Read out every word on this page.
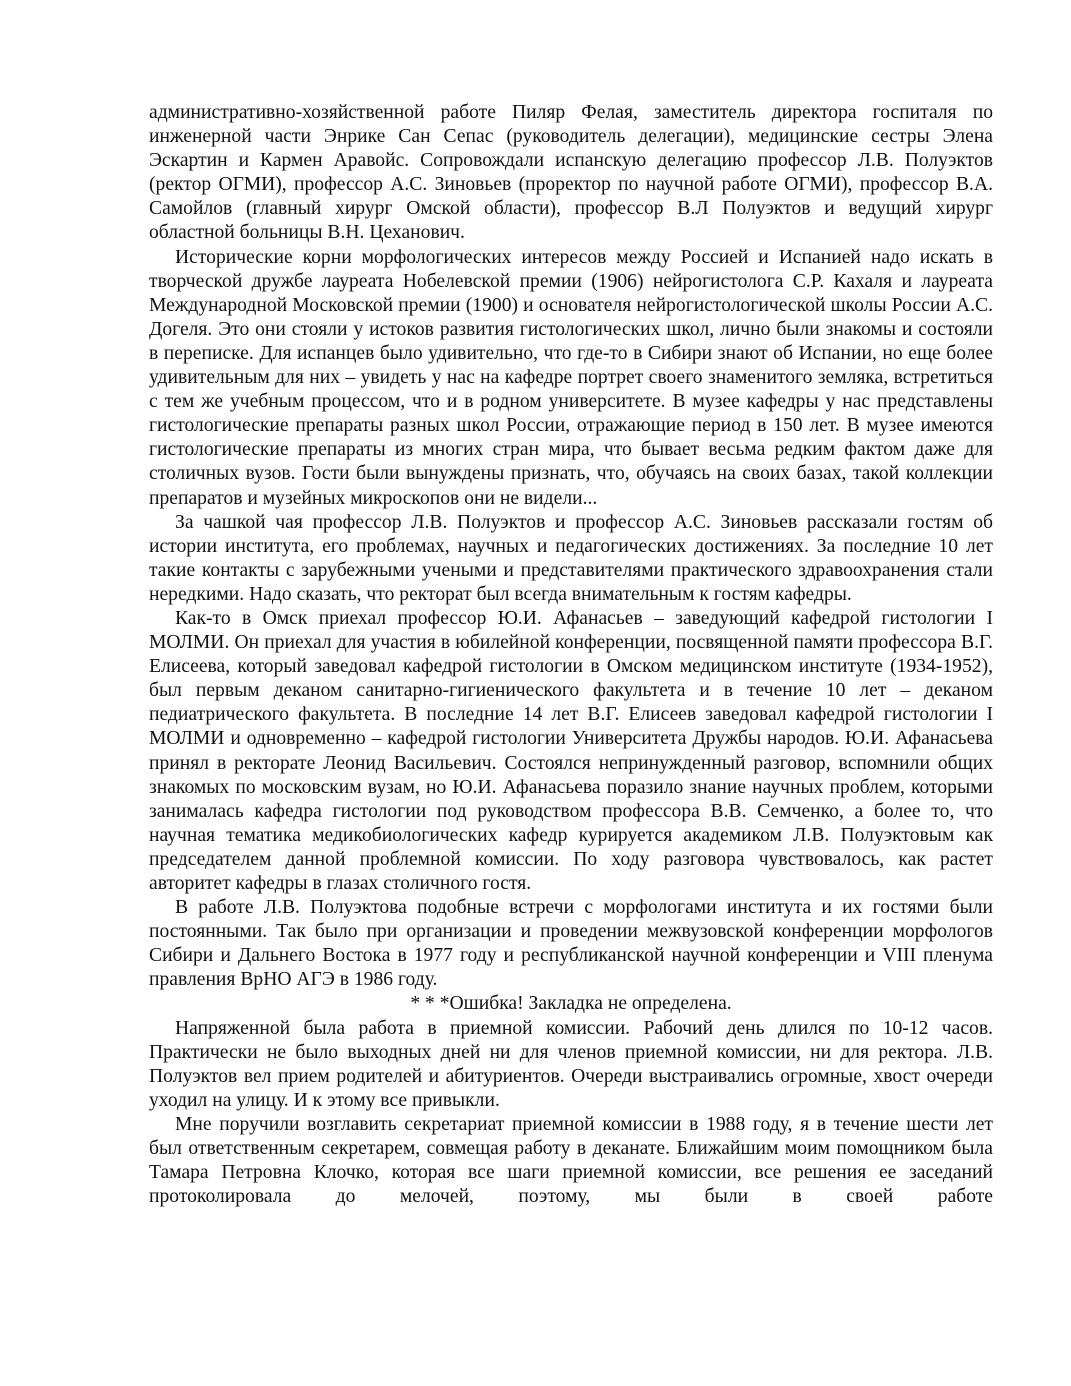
административно-хозяйственной работе Пиляр Фелая, заместитель директора госпиталя по инженерной части Энрике Сан Сепас (руководитель делегации), медицинские сестры Элена Эскартин и Кармен Аравойс. Сопровождали испанскую делегацию профессор Л.В. Полуэктов (ректор ОГМИ), профессор А.С. Зиновьев (проректор по научной работе ОГМИ), профессор В.А. Самойлов (главный хирург Омской области), профессор В.Л Полуэктов и ведущий хирург областной больницы В.Н. Цеханович.

Исторические корни морфологических интересов между Россией и Испанией надо искать в творческой дружбе лауреата Нобелевской премии (1906) нейрогистолога С.Р. Кахаля и лауреата Международной Московской премии (1900) и основателя нейрогистологической школы России А.С. Догеля. Это они стояли у истоков развития гистологических школ, лично были знакомы и состояли в переписке. Для испанцев было удивительно, что где-то в Сибири знают об Испании, но еще более удивительным для них – увидеть у нас на кафедре портрет своего знаменитого земляка, встретиться с тем же учебным процессом, что и в родном университете. В музее кафедры у нас представлены гистологические препараты разных школ России, отражающие период в 150 лет. В музее имеются гистологические препараты из многих стран мира, что бывает весьма редким фактом даже для столичных вузов. Гости были вынуждены признать, что, обучаясь на своих базах, такой коллекции препаратов и музейных микроскопов они не видели...

За чашкой чая профессор Л.В. Полуэктов и профессор А.С. Зиновьев рассказали гостям об истории института, его проблемах, научных и педагогических достижениях. За последние 10 лет такие контакты с зарубежными учеными и представителями практического здравоохранения стали нередкими. Надо сказать, что ректорат был всегда внимательным к гостям кафедры.

Как-то в Омск приехал профессор Ю.И. Афанасьев – заведующий кафедрой гистологии I МОЛМИ. Он приехал для участия в юбилейной конференции, посвященной памяти профессора В.Г. Елисеева, который заведовал кафедрой гистологии в Омском медицинском институте (1934-1952), был первым деканом санитарно-гигиенического факультета и в течение 10 лет – деканом педиатрического факультета. В последние 14 лет В.Г. Елисеев заведовал кафедрой гистологии I МОЛМИ и одновременно – кафедрой гистологии Университета Дружбы народов. Ю.И. Афанасьева принял в ректорате Леонид Васильевич. Состоялся непринужденный разговор, вспомнили общих знакомых по московским вузам, но Ю.И. Афанасьева поразило знание научных проблем, которыми занималась кафедра гистологии под руководством профессора В.В. Семченко, а более то, что научная тематика медикобиологических кафедр курируется академиком Л.В. Полуэктовым как председателем данной проблемной комиссии. По ходу разговора чувствовалось, как растет авторитет кафедры в глазах столичного гостя.

В работе Л.В. Полуэктова подобные встречи с морфологами института и их гостями были постоянными. Так было при организации и проведении межвузовской конференции морфологов Сибири и Дальнего Востока в 1977 году и республиканской научной конференции и VIII пленума правления ВрНО АГЭ в 1986 году.

* * *Ошибка! Закладка не определена.

Напряженной была работа в приемной комиссии. Рабочий день длился по 10-12 часов. Практически не было выходных дней ни для членов приемной комиссии, ни для ректора. Л.В. Полуэктов вел прием родителей и абитуриентов. Очереди выстраивались огромные, хвост очереди уходил на улицу. И к этому все привыкли.

Мне поручили возглавить секретариат приемной комиссии в 1988 году, я в течение шести лет был ответственным секретарем, совмещая работу в деканате. Ближайшим моим помощником была Тамара Петровна Клочко, которая все шаги приемной комиссии, все решения ее заседаний протоколировала до мелочей, поэтому, мы были в своей работе
